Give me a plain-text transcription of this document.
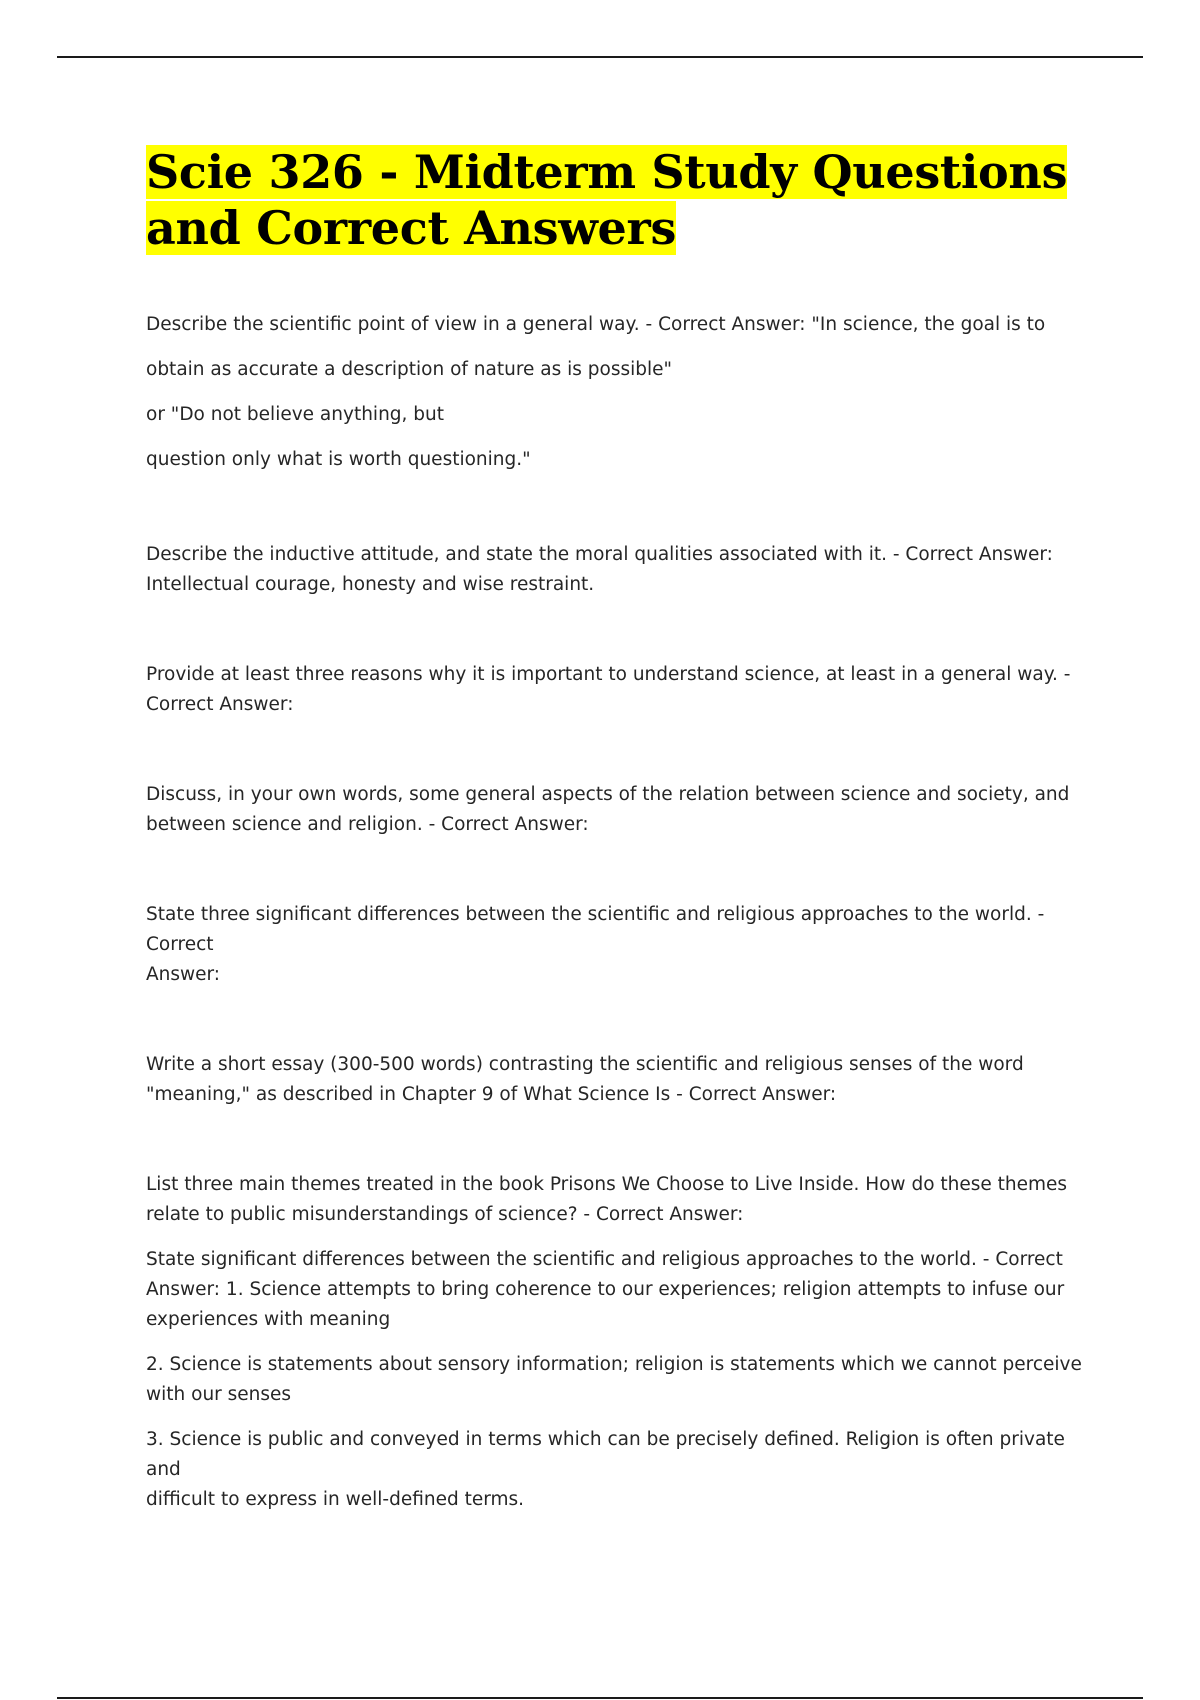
Scie 326 - Midterm Study Questions and Correct Answers
Describe the scientific point of view in a general way. - Correct Answer: "In science, the goal is to
obtain as accurate a description of nature as is possible"
or "Do not believe anything, but
question only what is worth questioning."
Describe the inductive attitude, and state the moral qualities associated with it. - Correct Answer:
Intellectual courage, honesty and wise restraint.
Provide at least three reasons why it is important to understand science, at least in a general way. -
Correct Answer:
Discuss, in your own words, some general aspects of the relation between science and society, and
between science and religion. - Correct Answer:
State three significant differences between the scientific and religious approaches to the world. - Correct
Answer:
Write a short essay (300-500 words) contrasting the scientific and religious senses of the word
"meaning," as described in Chapter 9 of What Science Is - Correct Answer:
List three main themes treated in the book Prisons We Choose to Live Inside. How do these themes
relate to public misunderstandings of science? - Correct Answer:
State significant differences between the scientific and religious approaches to the world. - Correct
Answer: 1. Science attempts to bring coherence to our experiences; religion attempts to infuse our
experiences with meaning
2. Science is statements about sensory information; religion is statements which we cannot perceive
with our senses
3. Science is public and conveyed in terms which can be precisely defined. Religion is often private and
difficult to express in well-defined terms.
